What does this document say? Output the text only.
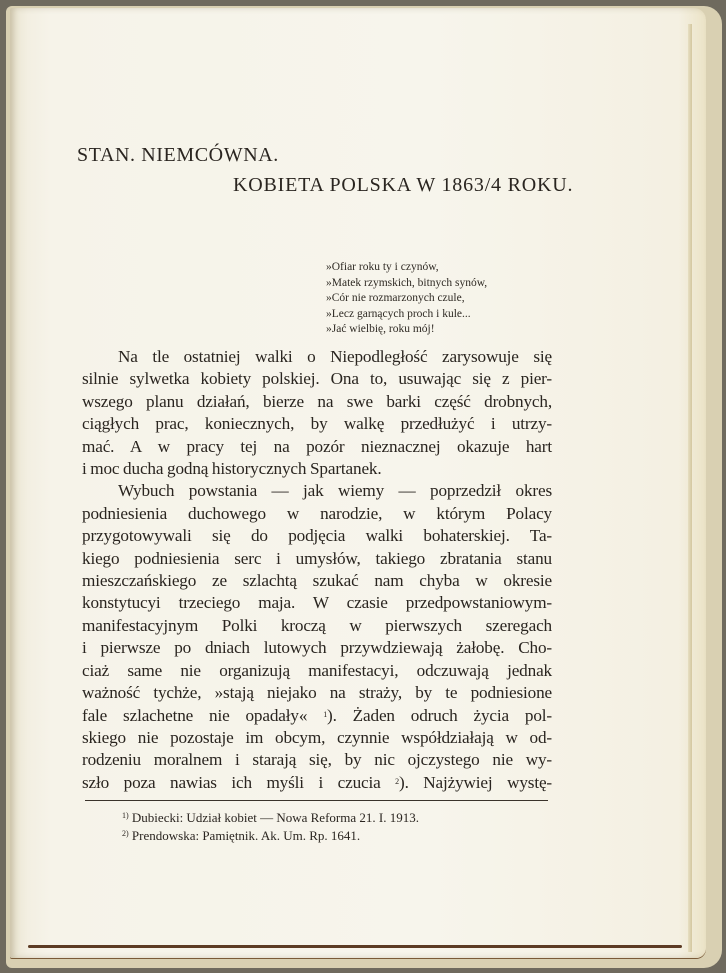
STAN. NIEMCÓWNA.
KOBIETA POLSKA W 1863/4 ROKU.
»Ofiar roku ty i czynów,
»Matek rzymskich, bitnych synów,
»Cór nie rozmarzonych czule,
»Lecz garnących proch i kule...
»Jać wielbię, roku mój!
Na tle ostatniej walki o Niepodległość zarysowuje się
silnie sylwetka kobiety polskiej. Ona to, usuwając się z pier-
wszego planu działań, bierze na swe barki część drobnych,
ciągłych prac, koniecznych, by walkę przedłużyć i utrzy-
mać. A w pracy tej na pozór nieznacznej okazuje hart
i moc ducha godną historycznych Spartanek.
Wybuch powstania — jak wiemy — poprzedził okres
podniesienia duchowego w narodzie, w którym Polacy
przygotowywali się do podjęcia walki bohaterskiej. Ta-
kiego podniesienia serc i umysłów, takiego zbratania stanu
mieszczańskiego ze szlachtą szukać nam chyba w okresie
konstytucyi trzeciego maja. W czasie przedpowstaniowym-
manifestacyjnym Polki kroczą w pierwszych szeregach
i pierwsze po dniach lutowych przywdziewają żałobę. Cho-
ciaż same nie organizują manifestacyi, odczuwają jednak
ważność tychże, »stają niejako na straży, by te podniesione
fale szlachetne nie opadały« $^1$). Żaden odruch życia pol-
skiego nie pozostaje im obcym, czynnie współdziałają w od-
rodzeniu moralnem i starają się, by nic ojczystego nie wy-
szło poza nawias ich myśli i czucia $^2$). Najżywiej wystę-
$^{1)}$ Dubiecki: Udział kobiet — Nowa Reforma 21. I. 1913.
$^{2)}$ Prendowska: Pamiętnik. Ak. Um. Rp. 1641.
